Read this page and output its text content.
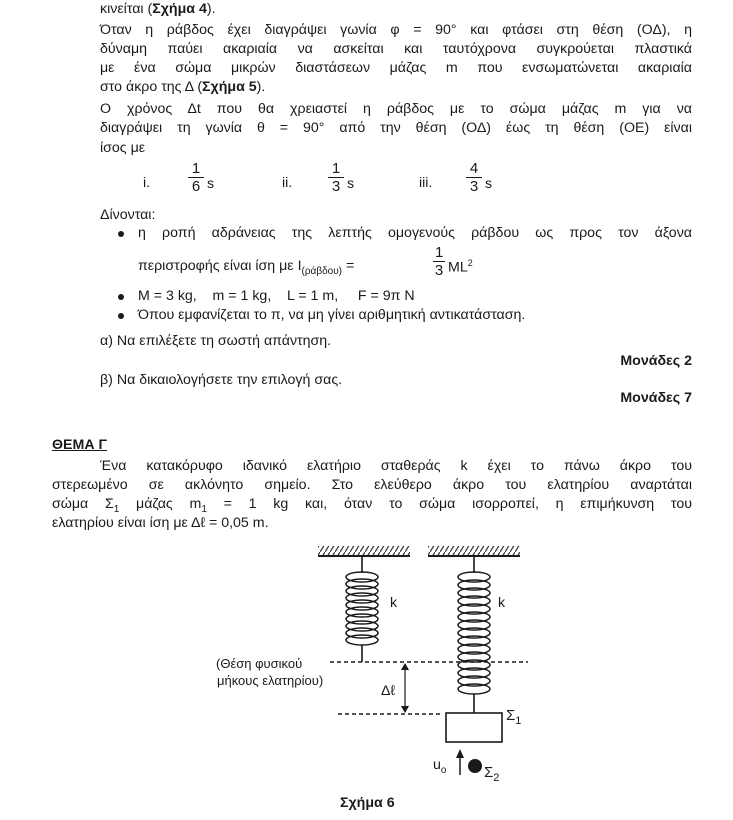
κινείται (Σχήμα 4).
Όταν η ράβδος έχει διαγράψει γωνία φ = 90° και φτάσει στη θέση (ΟΔ), η
δύναμη παύει ακαριαία να ασκείται και ταυτόχρονα συγκρούεται πλαστικά
με ένα σώμα μικρών διαστάσεων μάζας m που ενσωματώνεται ακαριαία
στο άκρο της Δ (Σχήμα 5).
Ο χρόνος Δt που θα χρειαστεί η ράβδος με το σώμα μάζας m για να
διαγράψει τη γωνία θ = 90° από την θέση (ΟΔ) έως τη θέση (ΟΕ) είναι
ίσος με
i.	$\frac{1}{6}$ s	ii. $\frac{1}{3}$ s	iii. $\frac{4}{3}$ s
Δίνονται:
η ροπή αδράνειας της λεπτής ομογενούς ράβδου ως προς τον άξονα
περιστροφής είναι ίση με $I_{(\rho ά\beta\delta o\upsilon)}$ =	$\frac{1}{3} ML^2$
M = 3 kg,    m = 1 kg,    L = 1 m,     F = 9π N
Όπου εμφανίζεται το π, να μη γίνει αριθμητική αντικατάσταση.
α) Να επιλέξετε τη σωστή απάντηση.
Μονάδες 2
β) Να δικαιολογήσετε την επιλογή σας.
Μονάδες 7
ΘΕΜΑ Γ
Ένα κατακόρυφο ιδανικό ελατήριο σταθεράς k έχει το πάνω άκρο του
στερεωμένο σε ακλόνητο σημείο. Στο ελεύθερο άκρο του ελατηρίου αναρτάται
σώμα $\Sigma_1$ μάζας $m_1 = 1$ kg και, όταν το σώμα ισορροπεί, η επιμήκυνση του
ελατηρίου είναι ίση με Δℓ = 0,05 m.
k	k
(Θέση φυσικού
μήκους ελατηρίου)
Δℓ
$\Sigma_1$
$u_o$	$\Sigma_2$
Σχήμα 6
